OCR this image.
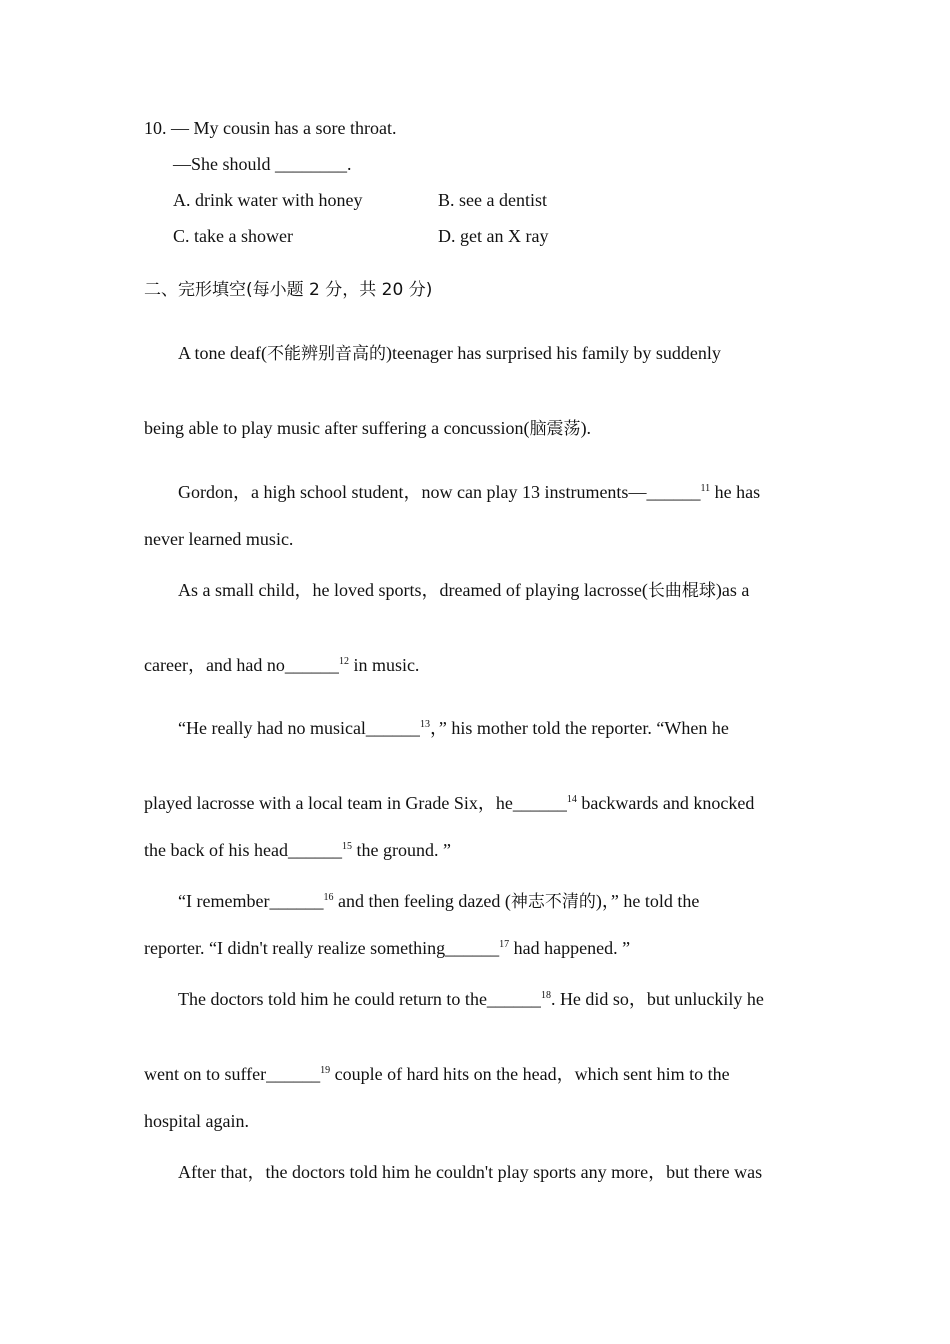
10. — My cousin has a sore throat.
—She should ________.
A. drink water with honey	B. see a dentist
C. take a shower	D. get an X ray
二、完形填空(每小题 2 分，共 20 分)
A tone deaf(不能辨别音高的)teenager has surprised his family by suddenly
being able to play music after suffering a concussion(脑震荡).
Gordon，a high school student，now can play 13 instruments—______$^{11}$ he has
never learned music.
As a small child，he loved sports，dreamed of playing lacrosse(长曲棍球)as a
career，and had no______$^{12}$ in music.
“He really had no musical______$^{13}$，” his mother told the reporter. “When he
played lacrosse with a local team in Grade Six，he______$^{14}$ backwards and knocked
the back of his head______$^{15}$ the ground. ”
“I remember______$^{16}$ and then feeling dazed (神志不清的)，” he told the
reporter. “I didn't really realize something______$^{17}$ had happened. ”
The doctors told him he could return to the______$^{18}$. He did so，but unluckily he
went on to suffer______$^{19}$ couple of hard hits on the head，which sent him to the
hospital again.
After that，the doctors told him he couldn't play sports any more，but there was
